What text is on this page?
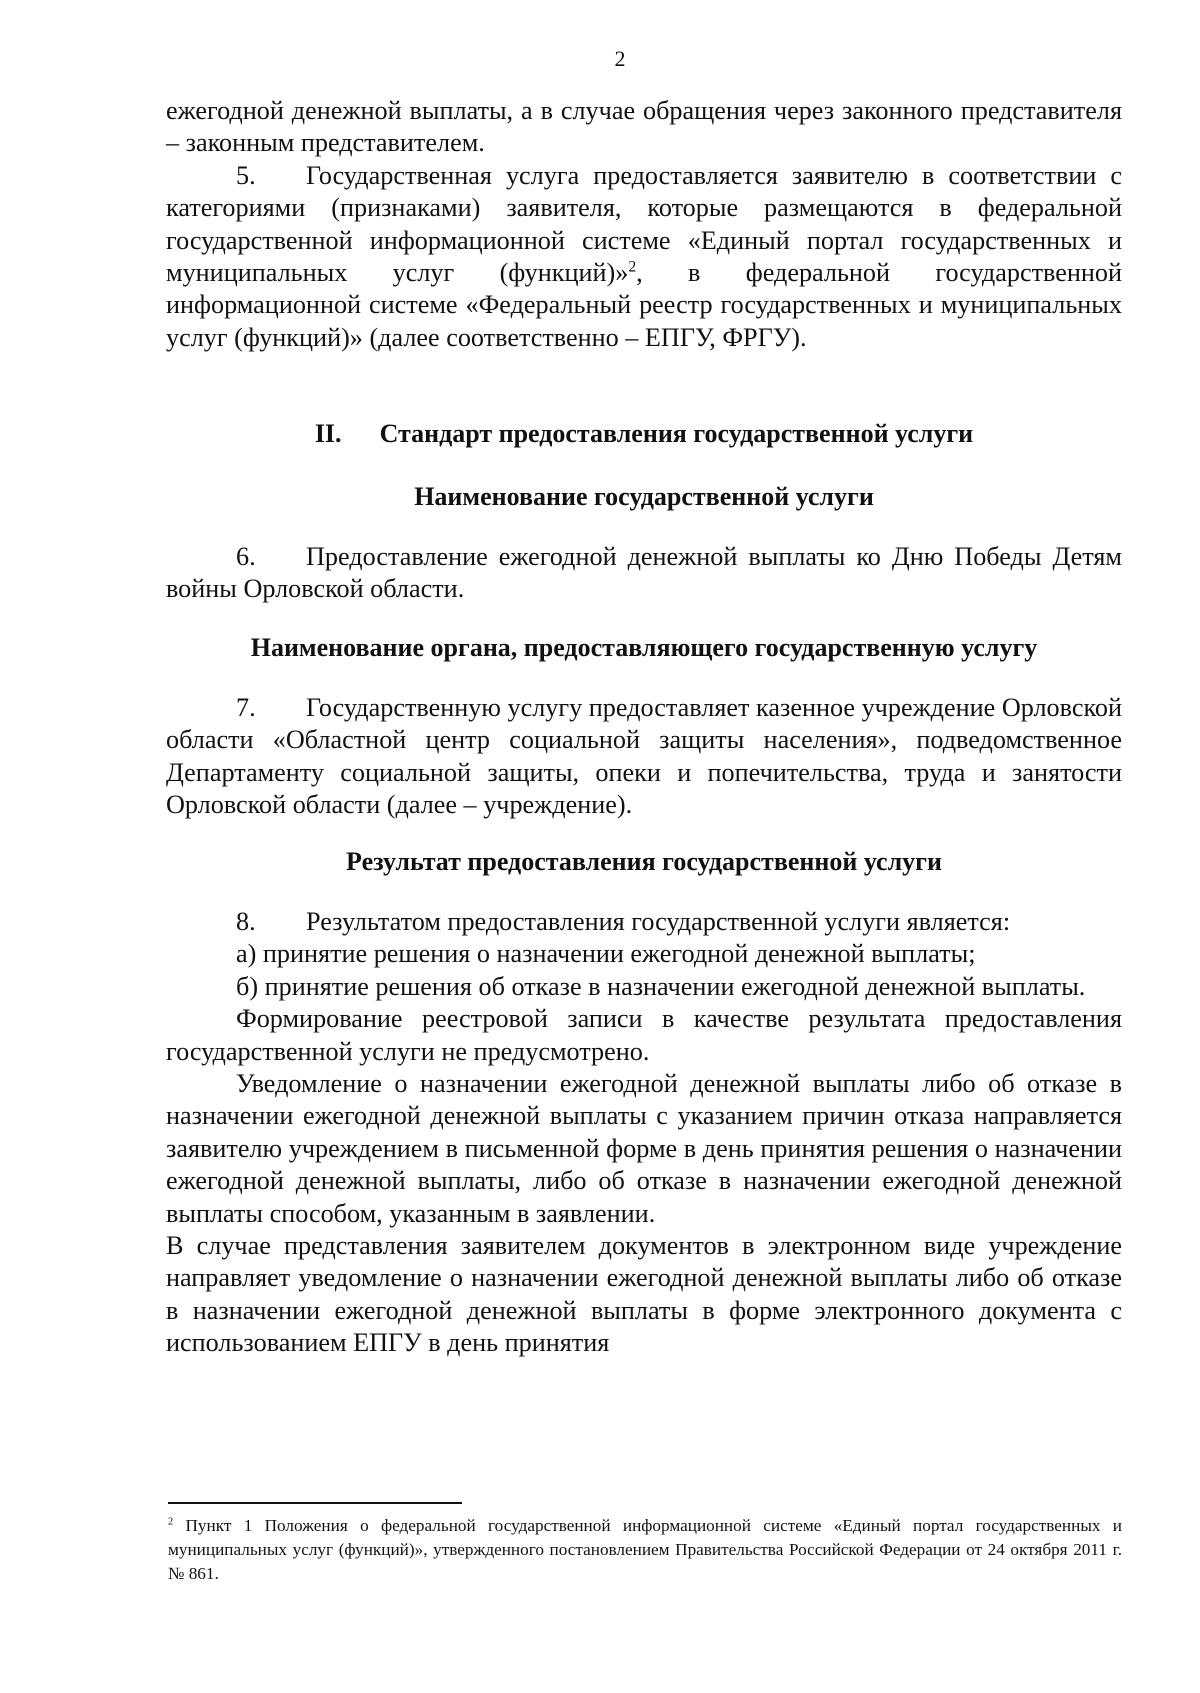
2

ежегодной денежной выплаты, а в случае обращения через законного представителя – законным представителем.

5. Государственная услуга предоставляется заявителю в соответствии с категориями (признаками) заявителя, которые размещаются в федеральной государственной информационной системе «Единый портал государственных и муниципальных услуг (функций)»$^2$, в федеральной государственной информационной системе «Федеральный реестр государственных и муниципальных услуг (функций)» (далее соответственно – ЕПГУ, ФРГУ).

II. Стандарт предоставления государственной услуги
Наименование государственной услуги

6. Предоставление ежегодной денежной выплаты ко Дню Победы Детям войны Орловской области.

Наименование органа, предоставляющего государственную услугу

7. Государственную услугу предоставляет казенное учреждение Орловской области «Областной центр социальной защиты населения», подведомственное Департаменту социальной защиты, опеки и попечительства, труда и занятости Орловской области (далее – учреждение).

Результат предоставления государственной услуги

8. Результатом предоставления государственной услуги является:

а) принятие решения о назначении ежегодной денежной выплаты;

б) принятие решения об отказе в назначении ежегодной денежной выплаты.

Формирование реестровой записи в качестве результата предоставления государственной услуги не предусмотрено.

Уведомление о назначении ежегодной денежной выплаты либо об отказе в назначении ежегодной денежной выплаты с указанием причин отказа направляется заявителю учреждением в письменной форме в день принятия решения о назначении ежегодной денежной выплаты, либо об отказе в назначении ежегодной денежной выплаты способом, указанным в заявлении.

В случае представления заявителем документов в электронном виде учреждение направляет уведомление о назначении ежегодной денежной выплаты либо об отказе в назначении ежегодной денежной выплаты в форме электронного документа с использованием ЕПГУ в день принятия

$^2$ Пункт 1 Положения о федеральной государственной информационной системе «Единый портал государственных и муниципальных услуг (функций)», утвержденного постановлением Правительства Российской Федерации от 24 октября 2011 г. № 861.
